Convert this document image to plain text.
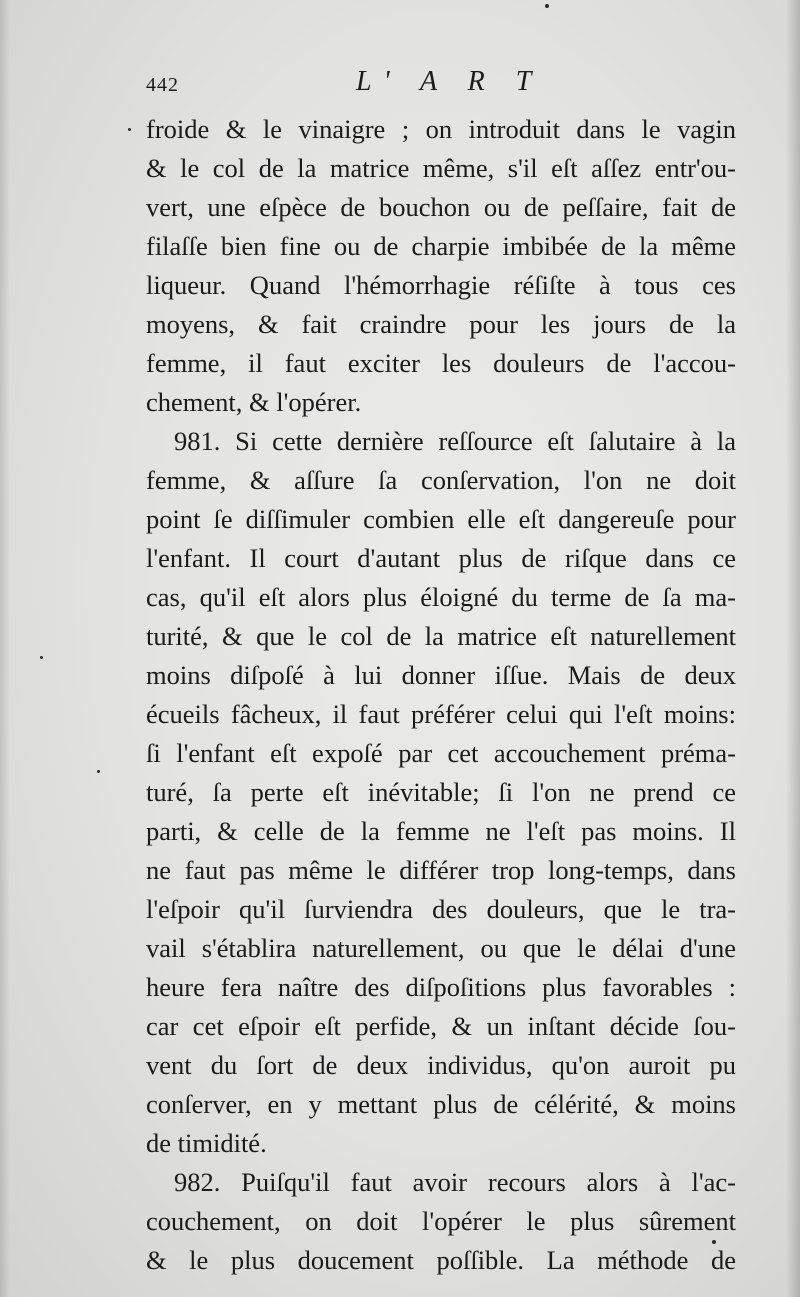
442	L' A R T
froide & le vinaigre ; on introduit dans le vagin
& le col de la matrice même, s'il eſt aſſez entr'ou-
vert, une eſpèce de bouchon ou de peſſaire, fait de
filaſſe bien fine ou de charpie imbibée de la même
liqueur. Quand l'hémorrhagie réſiſte à tous ces
moyens, & fait craindre pour les jours de la
femme, il faut exciter les douleurs de l'accou-
chement, & l'opérer.
981. Si cette dernière reſſource eſt ſalutaire à la
femme, & aſſure ſa conſervation, l'on ne doit
point ſe diſſimuler combien elle eſt dangereuſe pour
l'enfant. Il court d'autant plus de riſque dans ce
cas, qu'il eſt alors plus éloigné du terme de ſa ma-
turité, & que le col de la matrice eſt naturellement
moins diſpoſé à lui donner iſſue. Mais de deux
écueils fâcheux, il faut préférer celui qui l'eſt moins:
ſi l'enfant eſt expoſé par cet accouchement préma-
turé, ſa perte eſt inévitable; ſi l'on ne prend ce
parti, & celle de la femme ne l'eſt pas moins. Il
ne faut pas même le différer trop long-temps, dans
l'eſpoir qu'il ſurviendra des douleurs, que le tra-
vail s'établira naturellement, ou que le délai d'une
heure fera naître des diſpoſitions plus favorables :
car cet eſpoir eſt perfide, & un inſtant décide ſou-
vent du ſort de deux individus, qu'on auroit pu
conſerver, en y mettant plus de célérité, & moins
de timidité.
982. Puiſqu'il faut avoir recours alors à l'ac-
couchement, on doit l'opérer le plus sûrement
& le plus doucement poſſible. La méthode de
